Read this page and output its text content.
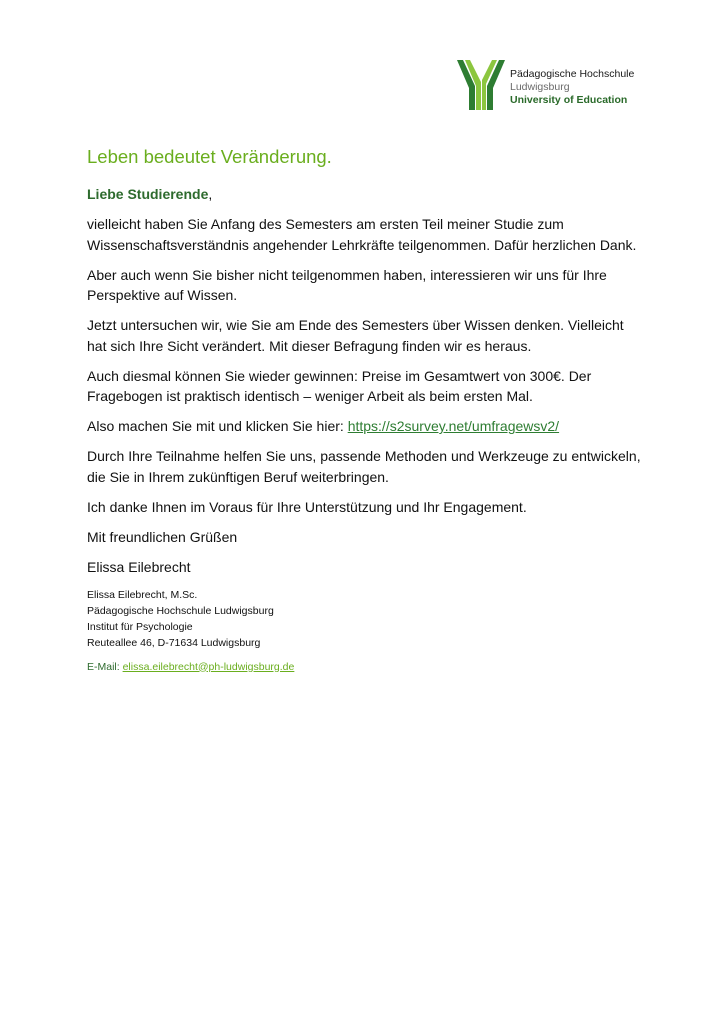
Pädagogische Hochschule
Ludwigsburg
University of Education
Leben bedeutet Veränderung.
Liebe Studierende,

vielleicht haben Sie Anfang des Semesters am ersten Teil meiner Studie zum Wissenschaftsverständnis angehender Lehrkräfte teilgenommen. Dafür herzlichen Dank.

Aber auch wenn Sie bisher nicht teilgenommen haben, interessieren wir uns für Ihre Perspektive auf Wissen.

Jetzt untersuchen wir, wie Sie am Ende des Semesters über Wissen denken. Vielleicht hat sich Ihre Sicht verändert. Mit dieser Befragung finden wir es heraus.

Auch diesmal können Sie wieder gewinnen: Preise im Gesamtwert von 300€. Der Fragebogen ist praktisch identisch – weniger Arbeit als beim ersten Mal.

Also machen Sie mit und klicken Sie hier: https://s2survey.net/umfragewsv2/

Durch Ihre Teilnahme helfen Sie uns, passende Methoden und Werkzeuge zu entwickeln, die Sie in Ihrem zukünftigen Beruf weiterbringen.

Ich danke Ihnen im Voraus für Ihre Unterstützung und Ihr Engagement.

Mit freundlichen Grüßen
Elissa Eilebrecht
Elissa Eilebrecht, M.Sc.
Pädagogische Hochschule Ludwigsburg
Institut für Psychologie
Reuteallee 46, D-71634 Ludwigsburg
E-Mail: elissa.eilebrecht@ph-ludwigsburg.de
